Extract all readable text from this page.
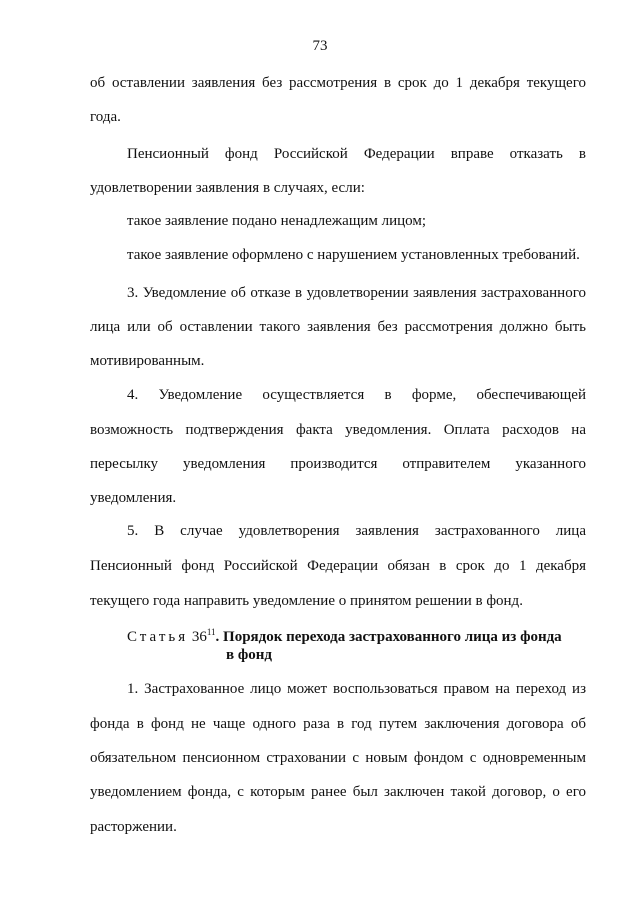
73
об оставлении заявления без рассмотрения в срок до 1 декабря текущего
года.
Пенсионный фонд Российской Федерации вправе отказать в
удовлетворении заявления в случаях, если:
такое заявление подано ненадлежащим лицом;
такое заявление оформлено с нарушением установленных требований.
3. Уведомление об отказе в удовлетворении заявления застрахованного
лица или об оставлении такого заявления без рассмотрения должно быть
мотивированным.
4. Уведомление осуществляется в форме, обеспечивающей
возможность подтверждения факта уведомления. Оплата расходов на
пересылку уведомления производится отправителем указанного
уведомления.
5. В случае удовлетворения заявления застрахованного лица
Пенсионный фонд Российской Федерации обязан в срок до 1 декабря
текущего года направить уведомление о принятом решении в фонд.
Статья $36^{11}$. Порядок перехода застрахованного лица из фонда
в фонд
1. Застрахованное лицо может воспользоваться правом на переход из
фонда в фонд не чаще одного раза в год путем заключения договора об
обязательном пенсионном страховании с новым фондом с одновременным
уведомлением фонда, с которым ранее был заключен такой договор, о его
расторжении.
